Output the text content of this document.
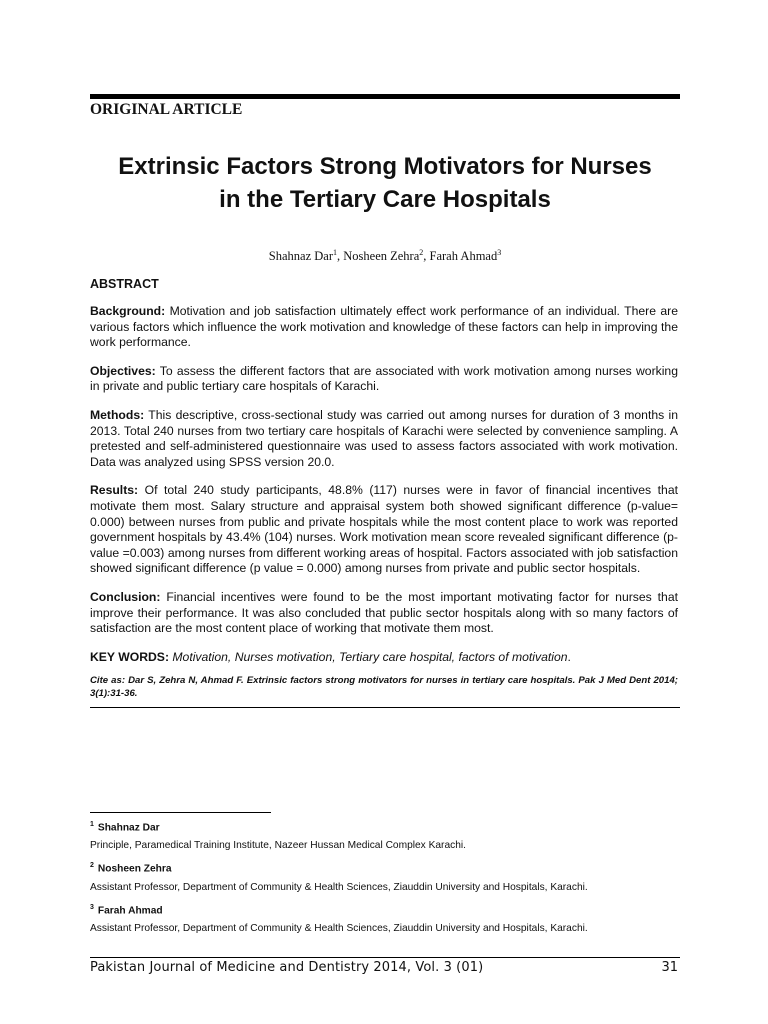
ORIGINAL ARTICLE
Extrinsic Factors Strong Motivators for Nurses
in the Tertiary Care Hospitals
Shahnaz Dar$^1$, Nosheen Zehra$^2$, Farah Ahmad$^3$
ABSTRACT

Background: Motivation and job satisfaction ultimately effect work performance of an individual. There are various factors which influence the work motivation and knowledge of these factors can help in improving the work performance.

Objectives: To assess the different factors that are associated with work motivation among nurses working in private and public tertiary care hospitals of Karachi.

Methods: This descriptive, cross-sectional study was carried out among nurses for duration of 3 months in 2013. Total 240 nurses from two tertiary care hospitals of Karachi were selected by convenience sampling. A pretested and self-administered questionnaire was used to assess factors associated with work motivation. Data was analyzed using SPSS version 20.0.

Results: Of total 240 study participants, 48.8% (117) nurses were in favor of financial incentives that motivate them most. Salary structure and appraisal system both showed significant difference (p-value= 0.000) between nurses from public and private hospitals while the most content place to work was reported government hospitals by 43.4% (104) nurses. Work motivation mean score revealed significant difference (p-value =0.003) among nurses from different working areas of hospital. Factors associated with job satisfaction showed significant difference (p value = 0.000) among nurses from private and public sector hospitals.

Conclusion: Financial incentives were found to be the most important motivating factor for nurses that improve their performance. It was also concluded that public sector hospitals along with so many factors of satisfaction are the most content place of working that motivate them most.

KEY WORDS: Motivation, Nurses motivation, Tertiary care hospital, factors of motivation.

Cite as: Dar S, Zehra N, Ahmad F. Extrinsic factors strong motivators for nurses in tertiary care hospitals. Pak J Med Dent 2014; 3(1):31-36.

$^1$ Shahnaz Dar

Principle, Paramedical Training Institute, Nazeer Hussan Medical Complex Karachi.

$^2$ Nosheen Zehra

Assistant Professor, Department of Community & Health Sciences, Ziauddin University and Hospitals, Karachi.

$^3$ Farah Ahmad

Assistant Professor, Department of Community & Health Sciences, Ziauddin University and Hospitals, Karachi.

Pakistan Journal of Medicine and Dentistry 2014, Vol. 3 (01)	31
